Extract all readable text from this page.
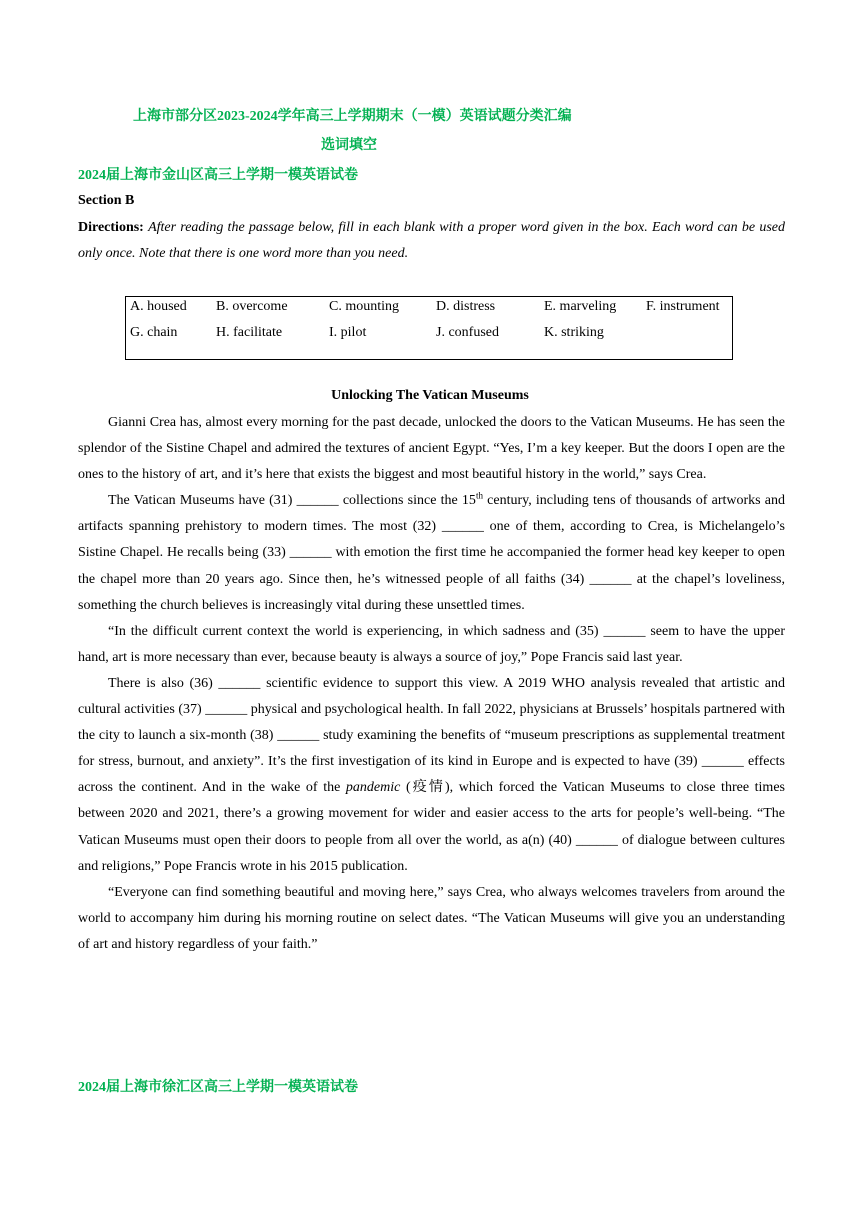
上海市部分区2023-2024学年高三上学期期末（一模）英语试题分类汇编
选词填空
2024届上海市金山区高三上学期一模英语试卷
Section B
Directions: After reading the passage below, fill in each blank with a proper word given in the box. Each word can be used only once. Note that there is one word more than you need.
A. housed B. overcome	C. mounting	D. distress	E. marveling F. instrument
G. chain	H. facilitate	I. pilot	J. confused	K. striking
Unlocking The Vatican Museums

Gianni Crea has, almost every morning for the past decade, unlocked the doors to the Vatican Museums. He has seen the splendor of the Sistine Chapel and admired the textures of ancient Egypt. “Yes, I’m a key keeper. But the doors I open are the ones to the history of art, and it’s here that exists the biggest and most beautiful history in the world,” says Crea.

The Vatican Museums have (31) ______ collections since the 15th century, including tens of thousands of artworks and artifacts spanning prehistory to modern times. The most (32) ______ one of them, according to Crea, is Michelangelo’s Sistine Chapel. He recalls being (33) ______ with emotion the first time he accompanied the former head key keeper to open the chapel more than 20 years ago. Since then, he’s witnessed people of all faiths (34) ______ at the chapel’s loveliness, something the church believes is increasingly vital during these unsettled times.

“In the difficult current context the world is experiencing, in which sadness and (35) ______ seem to have the upper hand, art is more necessary than ever, because beauty is always a source of joy,” Pope Francis said last year.

There is also (36) ______ scientific evidence to support this view. A 2019 WHO analysis revealed that artistic and cultural activities (37) ______ physical and psychological health. In fall 2022, physicians at Brussels’ hospitals partnered with the city to launch a six-month (38) ______ study examining the benefits of “museum prescriptions as supplemental treatment for stress, burnout, and anxiety”. It’s the first investigation of its kind in Europe and is expected to have (39) ______ effects across the continent. And in the wake of the pandemic (疫情), which forced the Vatican Museums to close three times between 2020 and 2021, there’s a growing movement for wider and easier access to the arts for people’s well-being. “The Vatican Museums must open their doors to people from all over the world, as a(n) (40) ______ of dialogue between cultures and religions,” Pope Francis wrote in his 2015 publication.

“Everyone can find something beautiful and moving here,” says Crea, who always welcomes travelers from around the world to accompany him during his morning routine on select dates. “The Vatican Museums will give you an understanding of art and history regardless of your faith.”

2024届上海市徐汇区高三上学期一模英语试卷
